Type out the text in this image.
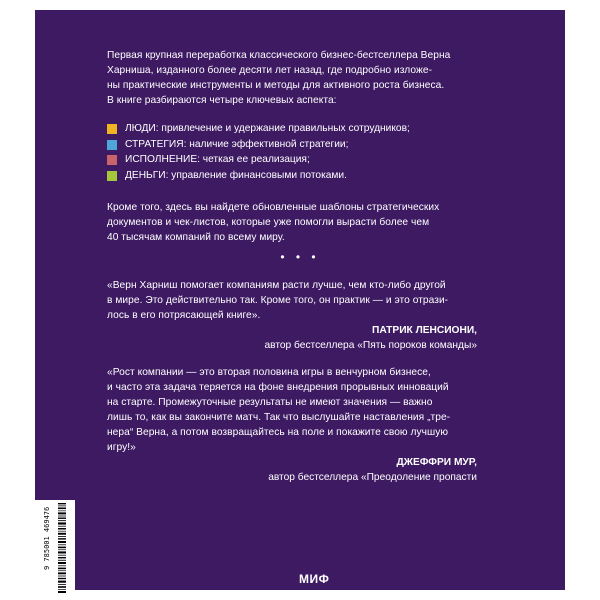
Первая крупная переработка классического бизнес-бестселлера Верна
Харниша, изданного более десяти лет назад, где подробно изложе-
ны практические инструменты и методы для активного роста бизнеса.
В книге разбираются четыре ключевых аспекта:
ЛЮДИ: привлечение и удержание правильных сотрудников;
СТРАТЕГИЯ: наличие эффективной стратегии;
ИСПОЛНЕНИЕ: четкая ее реализация;
ДЕНЬГИ: управление финансовыми потоками.
Кроме того, здесь вы найдете обновленные шаблоны стратегических
документов и чек-листов, которые уже помогли вырасти более чем
40 тысячам компаний по всему миру.
• • •
«Верн Харниш помогает компаниям расти лучше, чем кто-либо другой
в мире. Это действительно так. Кроме того, он практик — и это отрази-
лось в его потрясающей книге».
ПАТРИК ЛЕНСИОНИ,
автор бестселлера «Пять пороков команды»
«Рост компании — это вторая половина игры в венчурном бизнесе,
и часто эта задача теряется на фоне внедрения прорывных инноваций
на старте. Промежуточные результаты не имеют значения — важно
лишь то, как вы закончите матч. Так что выслушайте наставления „тре-
нера“ Верна, а потом возвращайтесь на поле и покажите свою лучшую
игру!»
ДЖЕФФРИ МУР,
автор бестселлера «Преодоление пропасти
9 785001 469476
МИФ
